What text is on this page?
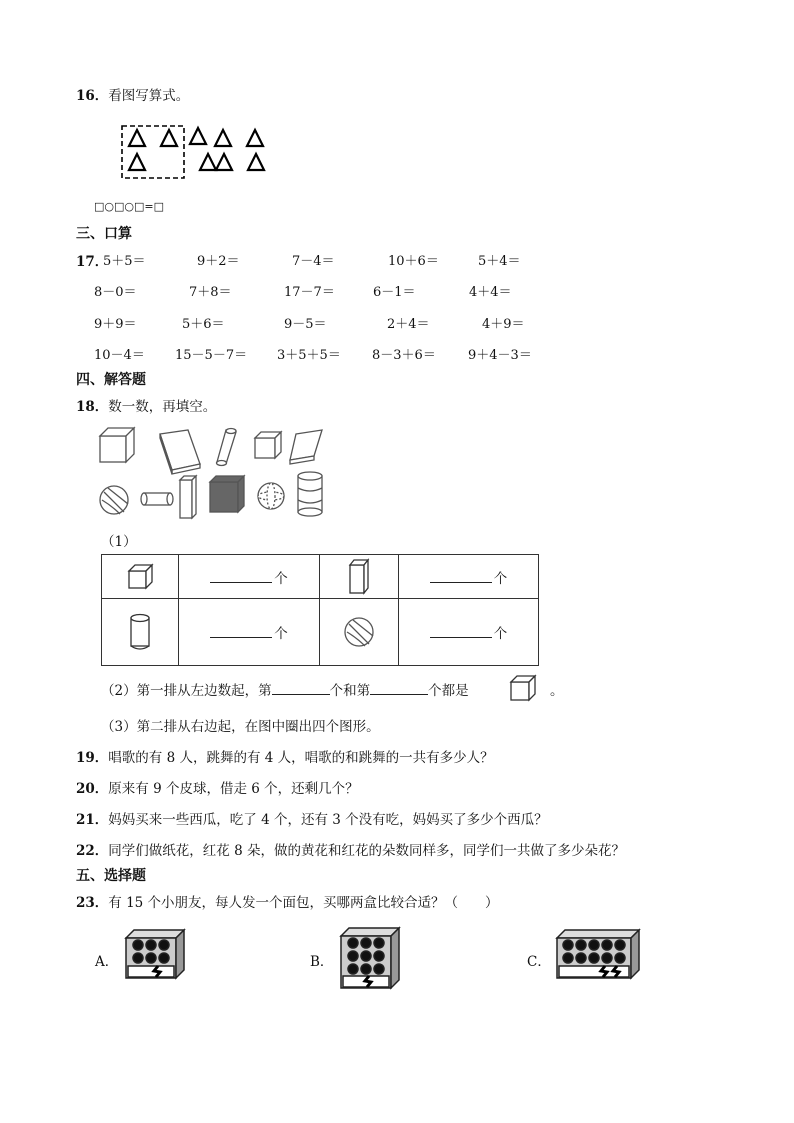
16．看图写算式。
□○□○□=□
三、口算
17．
5＋5＝	9＋2＝	7－4＝	10＋6＝	5＋4＝
8－0＝	7＋8＝	17－7＝	6－1＝	4＋4＝
9＋9＝	5＋6＝	9－5＝	2＋4＝	4＋9＝
10－4＝ 15－5－7＝ 3＋5＋5＝ 8－3＋6＝ 9＋4－3＝
四、解答题
18．数一数，再填空。
（1）
	个		个

	个		个
（2）第一排从左边数起，第	个和第	个都是	。
（3）第二排从右边起，在图中圈出四个图形。
19．唱歌的有 8 人，跳舞的有 4 人，唱歌的和跳舞的一共有多少人？
20．原来有 9 个皮球，借走 6 个，还剩几个？
21．妈妈买来一些西瓜，吃了 4 个，还有 3 个没有吃，妈妈买了多少个西瓜？
22．同学们做纸花，红花 8 朵，做的黄花和红花的朵数同样多，同学们一共做了多少朵花？
五、选择题
23．有 15 个小朋友，每人发一个面包，买哪两盒比较合适？（　　）
A．	B．	C．
